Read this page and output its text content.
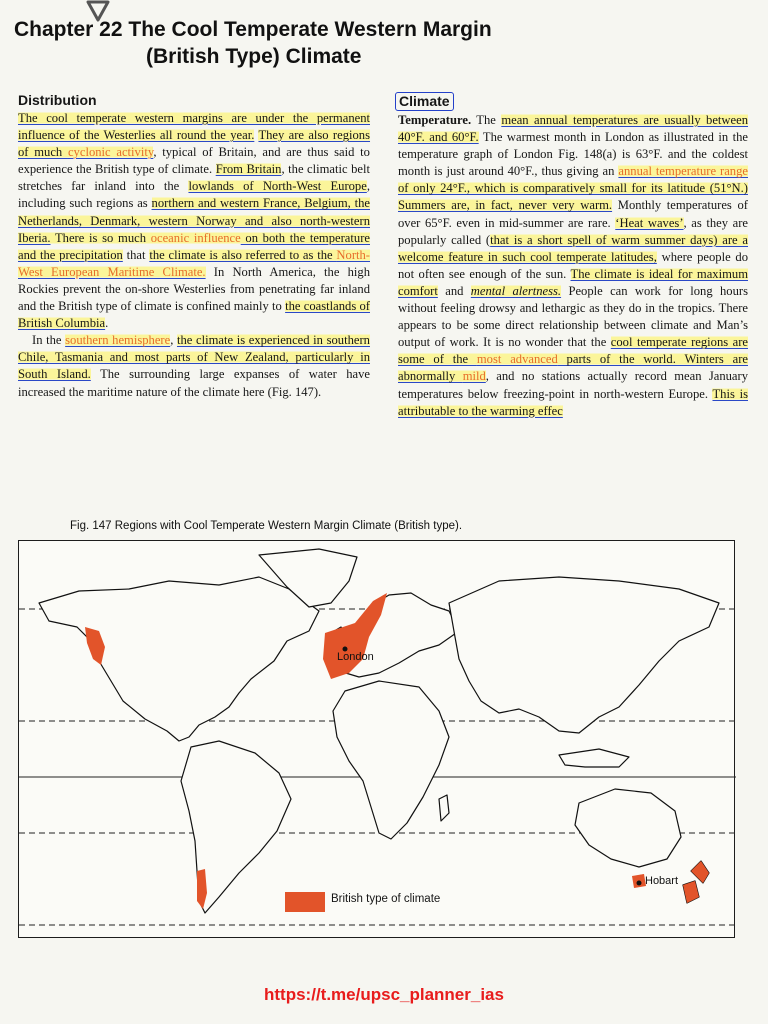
Chapter 22 The Cool Temperate Western Margin
(British Type) Climate
Distribution

The cool temperate western margins are under the permanent influence of the Westerlies all round the year. They are also regions of much cyclonic activity, typical of Britain, and are thus said to experience the British type of climate. From Britain, the climatic belt stretches far inland into the lowlands of North-West Europe, including such regions as northern and western France, Belgium, the Netherlands, Denmark, western Norway and also north-western Iberia. There is so much oceanic influence on both the temperature and the precipitation that the climate is also referred to as the North-West European Maritime Climate. In North America, the high Rockies prevent the on-shore Westerlies from penetrating far inland and the British type of climate is confined mainly to the coastlands of British Columbia.

In the southern hemisphere, the climate is experienced in southern Chile, Tasmania and most parts of New Zealand, particularly in South Island. The surrounding large expanses of water have increased the maritime nature of the climate here (Fig. 147).

Climate

Temperature. The mean annual temperatures are usually between 40°F. and 60°F. The warmest month in London as illustrated in the temperature graph of London Fig. 148(a) is 63°F. and the coldest month is just around 40°F., thus giving an annual temperature range of only 24°F., which is comparatively small for its latitude (51°N.) Summers are, in fact, never very warm. Monthly temperatures of over 65°F. even in mid-summer are rare. ‘Heat waves’, as they are popularly called (that is a short spell of warm summer days) are a welcome feature in such cool temperate latitudes, where people do not often see enough of the sun. The climate is ideal for maximum comfort and mental alertness. People can work for long hours without feeling drowsy and lethargic as they do in the tropics. There appears to be some direct relationship between climate and Man’s output of work. It is no wonder that the cool temperate regions are some of the most advanced parts of the world. Winters are abnormally mild, and no stations actually record mean January temperatures below freezing-point in north-western Europe. This is attributable to the warming effec

Fig. 147 Regions with Cool Temperate Western Margin Climate (British type).
London
Hobart
British type of climate
https://t.me/upsc_planner_ias
